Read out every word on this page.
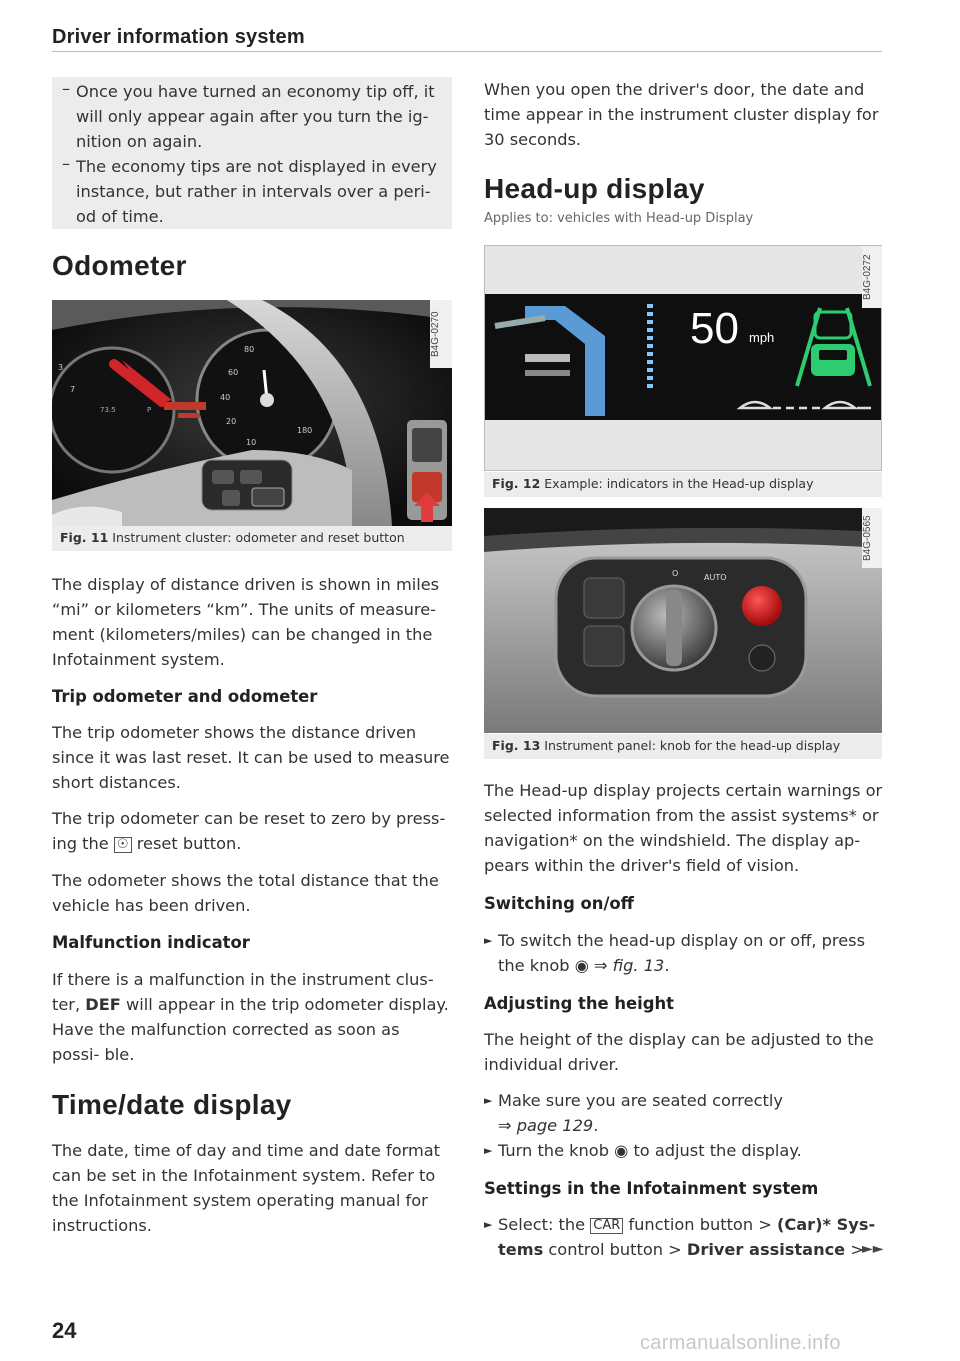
Driver information system
– Once you have turned an economy tip off, it will only appear again after you turn the ig- nition on again.

– The economy tips are not displayed in every instance, but rather in intervals over a peri- od of time.

Odometer
80
60
40
20
10
180
7
3
73.5	P
B4G-0270
Fig. 11 Instrument cluster: odometer and reset button

The display of distance driven is shown in miles “mi” or kilometers “km”. The units of measure- ment (kilometers/miles) can be changed in the Infotainment system.

Trip odometer and odometer

The trip odometer shows the distance driven since it was last reset. It can be used to measure short distances.

The trip odometer can be reset to zero by press- ing the ☉ reset button.

The odometer shows the total distance that the vehicle has been driven.

Malfunction indicator

If there is a malfunction in the instrument clus- ter, DEF will appear in the trip odometer display. Have the malfunction corrected as soon as possi- ble.

Time/date display

The date, time of day and time and date format can be set in the Infotainment system. Refer to the Infotainment system operating manual for instructions.

24

When you open the driver's door, the date and time appear in the instrument cluster display for 30 seconds.

Head-up display
Applies to: vehicles with Head-up Display
50 mph
B4G-0272
Fig. 12 Example: indicators in the Head-up display
O	AUTO
B4G-0565
Fig. 13 Instrument panel: knob for the head-up display

The Head-up display projects certain warnings or selected information from the assist systems* or navigation* on the windshield. The display ap- pears within the driver's field of vision.

Switching on/off
► To switch the head-up display on or off, press the knob ◉ ⇒ fig. 13.

Adjusting the height

The height of the display can be adjusted to the individual driver.

► Make sure you are seated correctly
⇒ page 129.

► Turn the knob ◉ to adjust the display.

Settings in the Infotainment system
► Select: the CAR function button > (Car)* Sys- tems control button > Driver assistance >

►►
carmanualsonline.info
